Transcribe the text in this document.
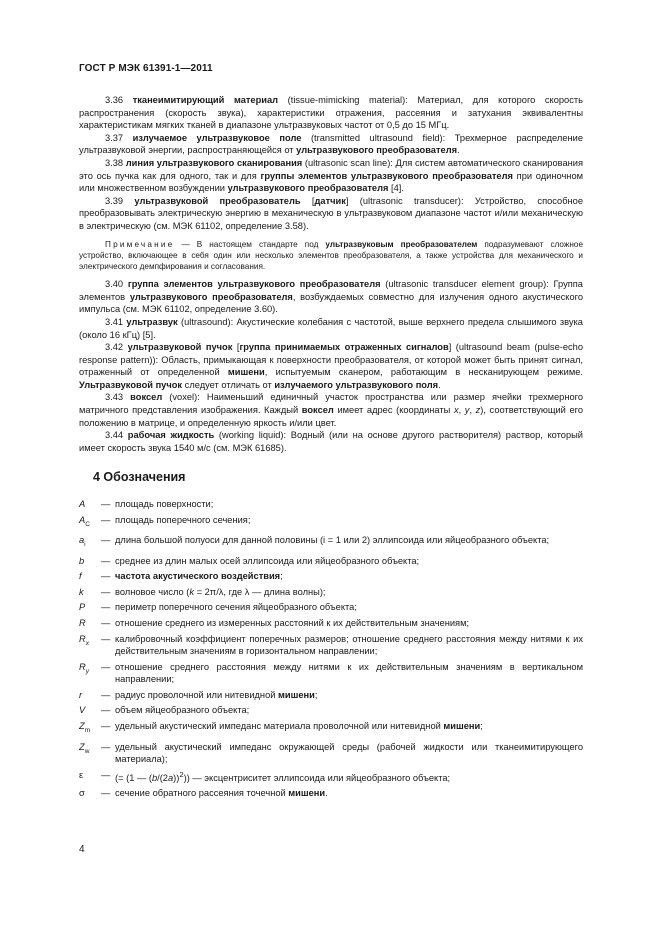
ГОСТ Р МЭК 61391-1—2011

3.36 тканеимитирующий материал (tissue-mimicking material): Материал, для которого скорость распространения (скорость звука), характеристики отражения, рассеяния и затухания эквивалентны характеристикам мягких тканей в диапазоне ультразвуковых частот от 0,5 до 15 МГц.

3.37 излучаемое ультразвуковое поле (transmitted ultrasound field): Трехмерное распределение ультразвуковой энергии, распространяющейся от ультразвукового преобразователя.

3.38 линия ультразвукового сканирования (ultrasonic scan line): Для систем автоматического сканирования это ось пучка как для одного, так и для группы элементов ультразвукового преобразователя при одиночном или множественном возбуждении ультразвукового преобразователя [4].

3.39 ультразвуковой преобразователь [датчик] (ultrasonic transducer): Устройство, способное преобразовывать электрическую энергию в механическую в ультразвуковом диапазоне частот и/или механическую в электрическую (см. МЭК 61102, определение 3.58).

Примечание — В настоящем стандарте под ультразвуковым преобразователем подразумевают сложное устройство, включающее в себя один или несколько элементов преобразователя, а также устройства для механического и электрического демпфирования и согласования.

3.40 группа элементов ультразвукового преобразователя (ultrasonic transducer element group): Группа элементов ультразвукового преобразователя, возбуждаемых совместно для излучения одного акустического импульса (см. МЭК 61102, определение 3.60).

3.41 ультразвук (ultrasound): Акустические колебания с частотой, выше верхнего предела слышимого звука (около 16 кГц) [5].

3.42 ультразвуковой пучок [группа принимаемых отраженных сигналов] (ultrasound beam (pulse-echo response pattern)): Область, примыкающая к поверхности преобразователя, от которой может быть принят сигнал, отраженный от определенной мишени, испытуемым сканером, работающим в несканирующем режиме. Ультразвуковой пучок следует отличать от излучаемого ультразвукового поля.

3.43 воксел (voxel): Наименьший единичный участок пространства или размер ячейки трехмерного матричного представления изображения. Каждый воксел имеет адрес (координаты x, y, z), соответствующий его положению в матрице, и определенную яркость и/или цвет.

3.44 рабочая жидкость (working liquid): Водный (или на основе другого растворителя) раствор, который имеет скорость звука 1540 м/с (см. МЭК 61685).

4 Обозначения
A	— площадь поверхности;
$A_C$	— площадь поперечного сечения;
$a_i$	— длина большой полуоси для данной половины (i = 1 или 2) эллипсоида или яйцеобразного объекта;
b	— среднее из длин малых осей эллипсоида или яйцеобразного объекта;
f	— частота акустического воздействия;
k	— волновое число (k = 2π/λ, где λ — длина волны);
P	— периметр поперечного сечения яйцеобразного объекта;
R	— отношение среднего из измеренных расстояний к их действительным значениям;
$R_x$	— калибровочный коэффициент поперечных размеров; отношение среднего расстояния между нитями к их действительным значениям в горизонтальном направлении;
$R_y$	— отношение среднего расстояния между нитями к их действительным значениям в вертикальном направлении;
r	— радиус проволочной или нитевидной мишени;
V	— объем яйцеобразного объекта;
$Z_m$	— удельный акустический импеданс материала проволочной или нитевидной мишени;
$Z_w$	— удельный акустический импеданс окружающей среды (рабочей жидкости или тканеимитирующего материала);
ε	— (= (1 — $(b/(2a))^2$)) — эксцентриситет эллипсоида или яйцеобразного объекта;
σ	— сечение обратного рассеяния точечной мишени.
4
